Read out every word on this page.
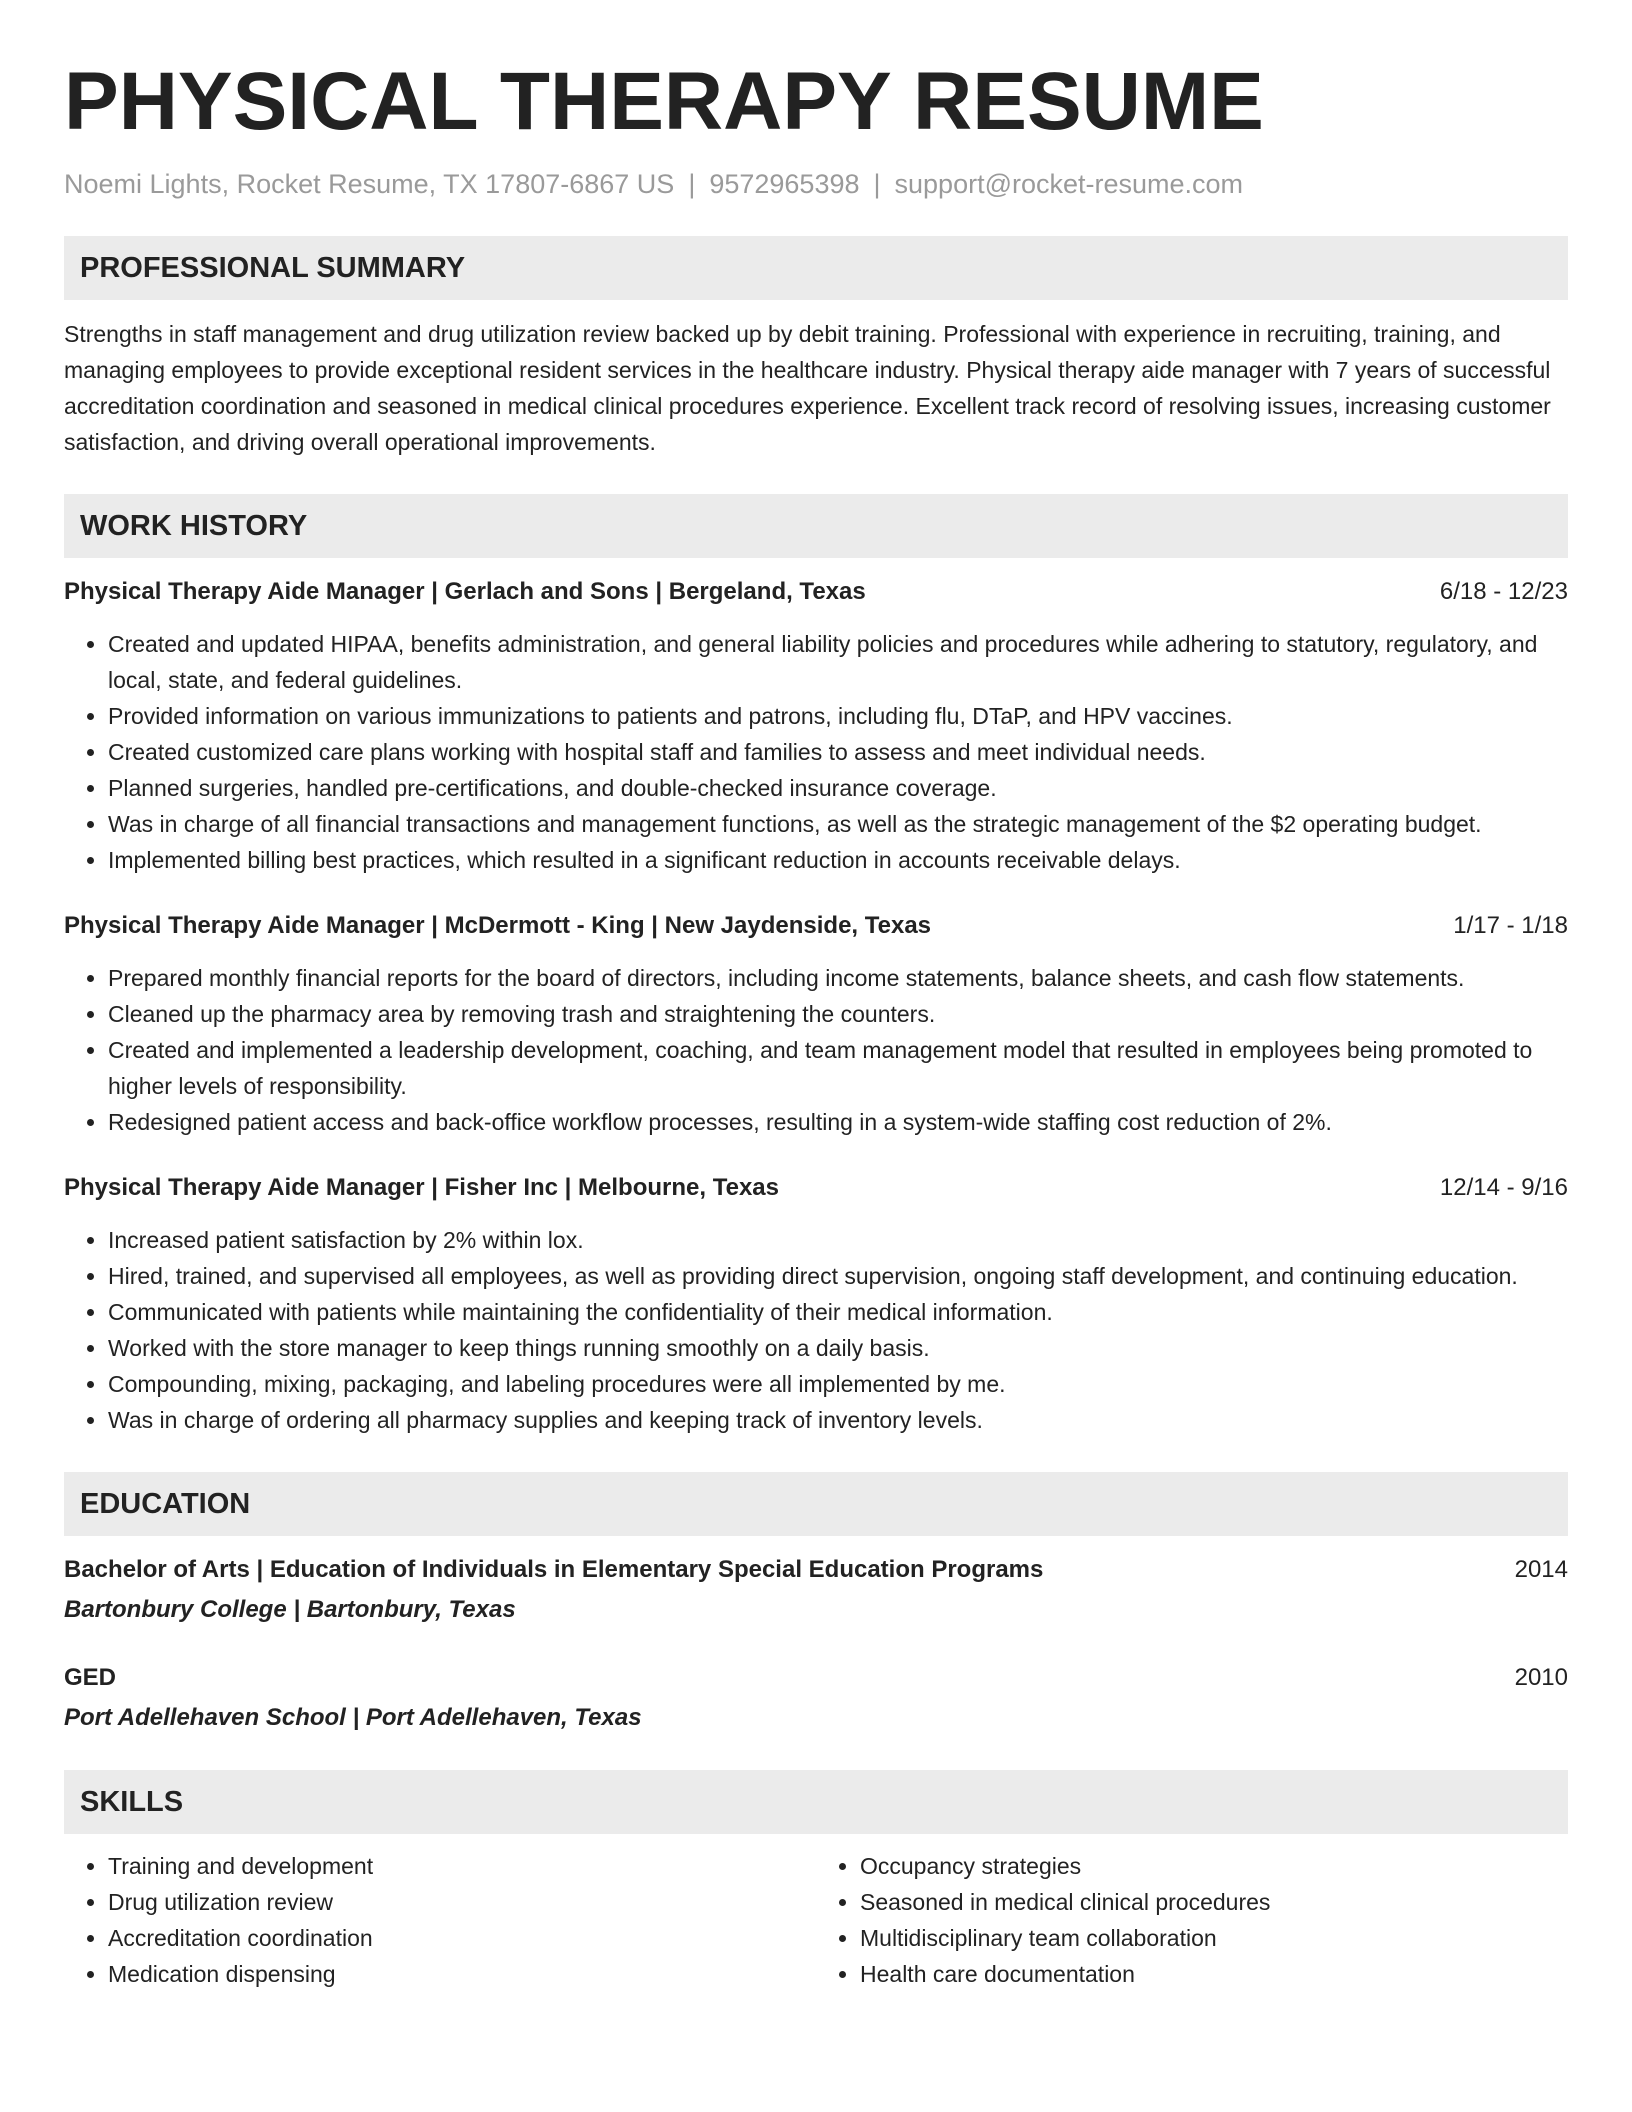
PHYSICAL THERAPY RESUME
Noemi Lights, Rocket Resume, TX 17807-6867 US | 9572965398 | support@rocket-resume.com
PROFESSIONAL SUMMARY
Strengths in staff management and drug utilization review backed up by debit training. Professional with experience in recruiting, training, and managing employees to provide exceptional resident services in the healthcare industry. Physical therapy aide manager with 7 years of successful accreditation coordination and seasoned in medical clinical procedures experience. Excellent track record of resolving issues, increasing customer satisfaction, and driving overall operational improvements.
WORK HISTORY
Physical Therapy Aide Manager | Gerlach and Sons | Bergeland, Texas	6/18 - 12/23
• Created and updated HIPAA, benefits administration, and general liability policies and procedures while adhering to statutory, regulatory, and local, state, and federal guidelines.
• Provided information on various immunizations to patients and patrons, including flu, DTaP, and HPV vaccines.
• Created customized care plans working with hospital staff and families to assess and meet individual needs.
• Planned surgeries, handled pre-certifications, and double-checked insurance coverage.
• Was in charge of all financial transactions and management functions, as well as the strategic management of the $2 operating budget.
• Implemented billing best practices, which resulted in a significant reduction in accounts receivable delays.
Physical Therapy Aide Manager | McDermott - King | New Jaydenside, Texas	1/17 - 1/18
• Prepared monthly financial reports for the board of directors, including income statements, balance sheets, and cash flow statements.
• Cleaned up the pharmacy area by removing trash and straightening the counters.
• Created and implemented a leadership development, coaching, and team management model that resulted in employees being promoted to higher levels of responsibility.
• Redesigned patient access and back-office workflow processes, resulting in a system-wide staffing cost reduction of 2%.
Physical Therapy Aide Manager | Fisher Inc | Melbourne, Texas	12/14 - 9/16
• Increased patient satisfaction by 2% within lox.
• Hired, trained, and supervised all employees, as well as providing direct supervision, ongoing staff development, and continuing education.
• Communicated with patients while maintaining the confidentiality of their medical information.
• Worked with the store manager to keep things running smoothly on a daily basis.
• Compounding, mixing, packaging, and labeling procedures were all implemented by me.
• Was in charge of ordering all pharmacy supplies and keeping track of inventory levels.
EDUCATION
Bachelor of Arts | Education of Individuals in Elementary Special Education Programs	2014
Bartonbury College | Bartonbury, Texas
GED	2010
Port Adellehaven School | Port Adellehaven, Texas
SKILLS
• Training and development
• Drug utilization review
• Accreditation coordination
• Medication dispensing
• Occupancy strategies
• Seasoned in medical clinical procedures
• Multidisciplinary team collaboration
• Health care documentation
